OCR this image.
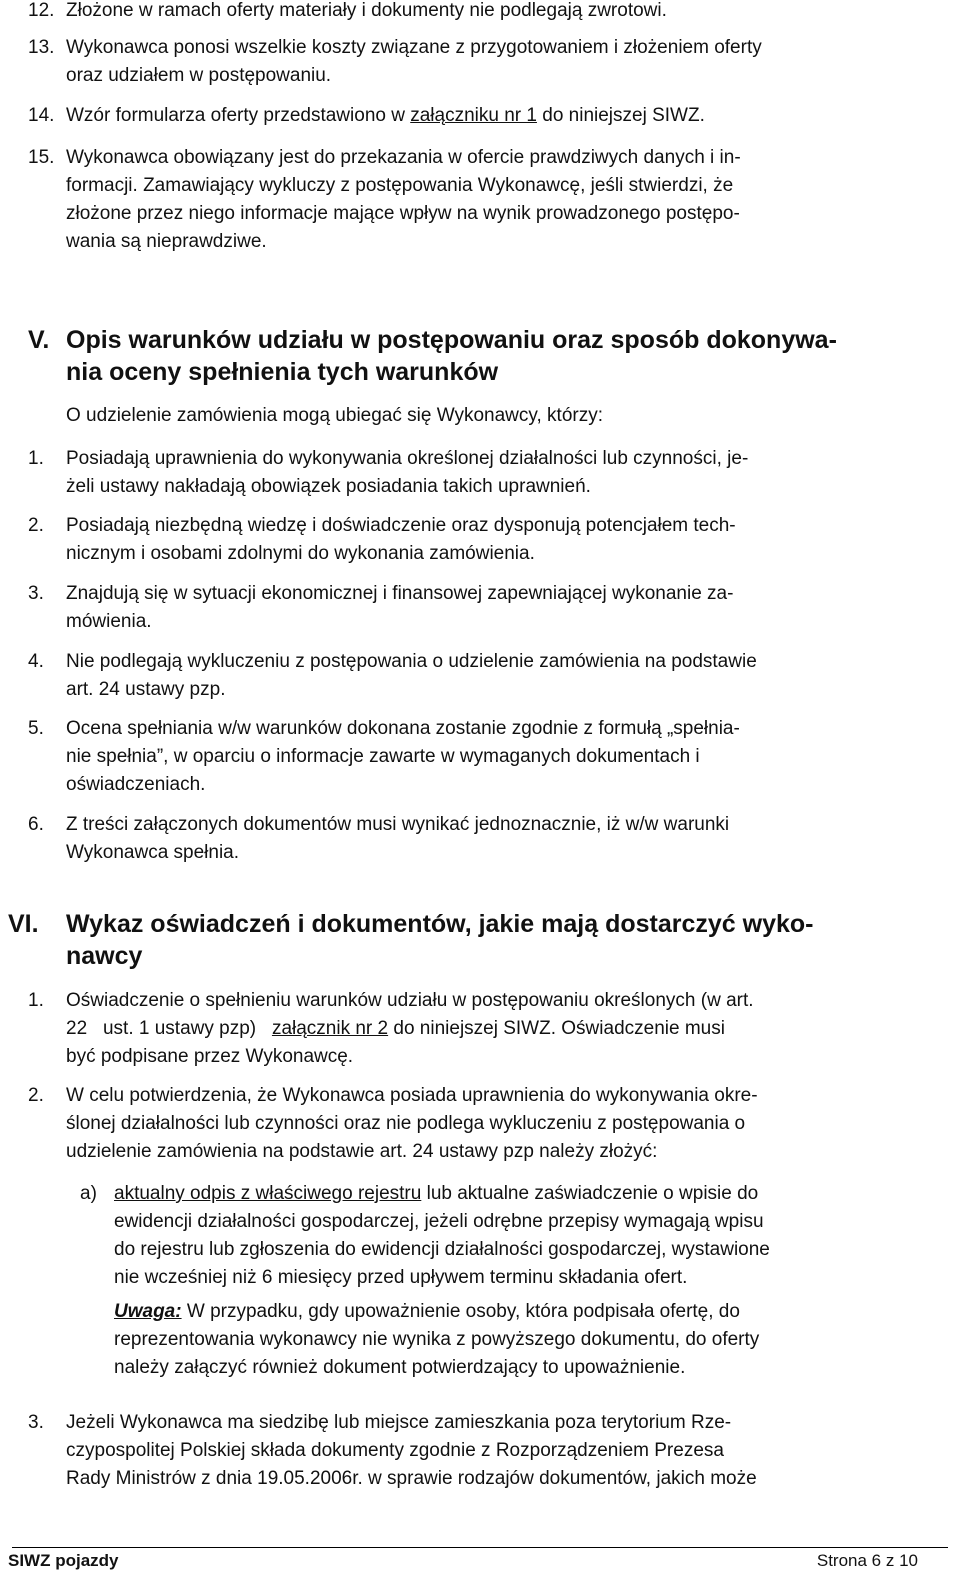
12. Złożone w ramach oferty materiały i dokumenty nie podlegają zwrotowi.
13. Wykonawca ponosi wszelkie koszty związane z przygotowaniem i złożeniem oferty
oraz udziałem w postępowaniu.
14. Wzór formularza oferty przedstawiono w załączniku nr 1 do niniejszej SIWZ.
15. Wykonawca obowiązany jest do przekazania w ofercie prawdziwych danych i in-
formacji. Zamawiający wykluczy z postępowania Wykonawcę, jeśli stwierdzi, że
złożone przez niego informacje mające wpływ na wynik prowadzonego postępo-
wania są nieprawdziwe.
V. Opis warunków udziału w postępowaniu oraz sposób dokonywa-
nia oceny spełnienia tych warunków
O udzielenie zamówienia mogą ubiegać się Wykonawcy, którzy:
1. Posiadają uprawnienia do wykonywania określonej działalności lub czynności, je-
żeli ustawy nakładają obowiązek posiadania takich uprawnień.
2. Posiadają niezbędną wiedzę i doświadczenie oraz dysponują potencjałem tech-
nicznym i osobami zdolnymi do wykonania zamówienia.
3. Znajdują się w sytuacji ekonomicznej i finansowej zapewniającej wykonanie za-
mówienia.
4. Nie podlegają wykluczeniu z postępowania o udzielenie zamówienia na podstawie
art. 24 ustawy pzp.
5. Ocena spełniania w/w warunków dokonana zostanie zgodnie z formułą „spełnia-
nie spełnia”, w oparciu o informacje zawarte w wymaganych dokumentach i
oświadczeniach.
6. Z treści załączonych dokumentów musi wynikać jednoznacznie, iż w/w warunki
Wykonawca spełnia.
VI. Wykaz oświadczeń i dokumentów, jakie mają dostarczyć wyko-
nawcy
1. Oświadczenie o spełnieniu warunków udziału w postępowaniu określonych (w art.
22   ust. 1 ustawy pzp)   załącznik nr 2 do niniejszej SIWZ. Oświadczenie musi
być podpisane przez Wykonawcę.
2. W celu potwierdzenia, że Wykonawca posiada uprawnienia do wykonywania okre-
ślonej działalności lub czynności oraz nie podlega wykluczeniu z postępowania o
udzielenie zamówienia na podstawie art. 24 ustawy pzp należy złożyć:
a) aktualny odpis z właściwego rejestru lub aktualne zaświadczenie o wpisie do
ewidencji działalności gospodarczej, jeżeli odrębne przepisy wymagają wpisu
do rejestru lub zgłoszenia do ewidencji działalności gospodarczej, wystawione
nie wcześniej niż 6 miesięcy przed upływem terminu składania ofert.
Uwaga: W przypadku, gdy upoważnienie osoby, która podpisała ofertę, do
reprezentowania wykonawcy nie wynika z powyższego dokumentu, do oferty
należy załączyć również dokument potwierdzający to upoważnienie.
3. Jeżeli Wykonawca ma siedzibę lub miejsce zamieszkania poza terytorium Rze-
czypospolitej Polskiej składa dokumenty zgodnie z Rozporządzeniem Prezesa
Rady Ministrów z dnia 19.05.2006r. w sprawie rodzajów dokumentów, jakich może
SIWZ pojazdy	Strona 6 z 10
